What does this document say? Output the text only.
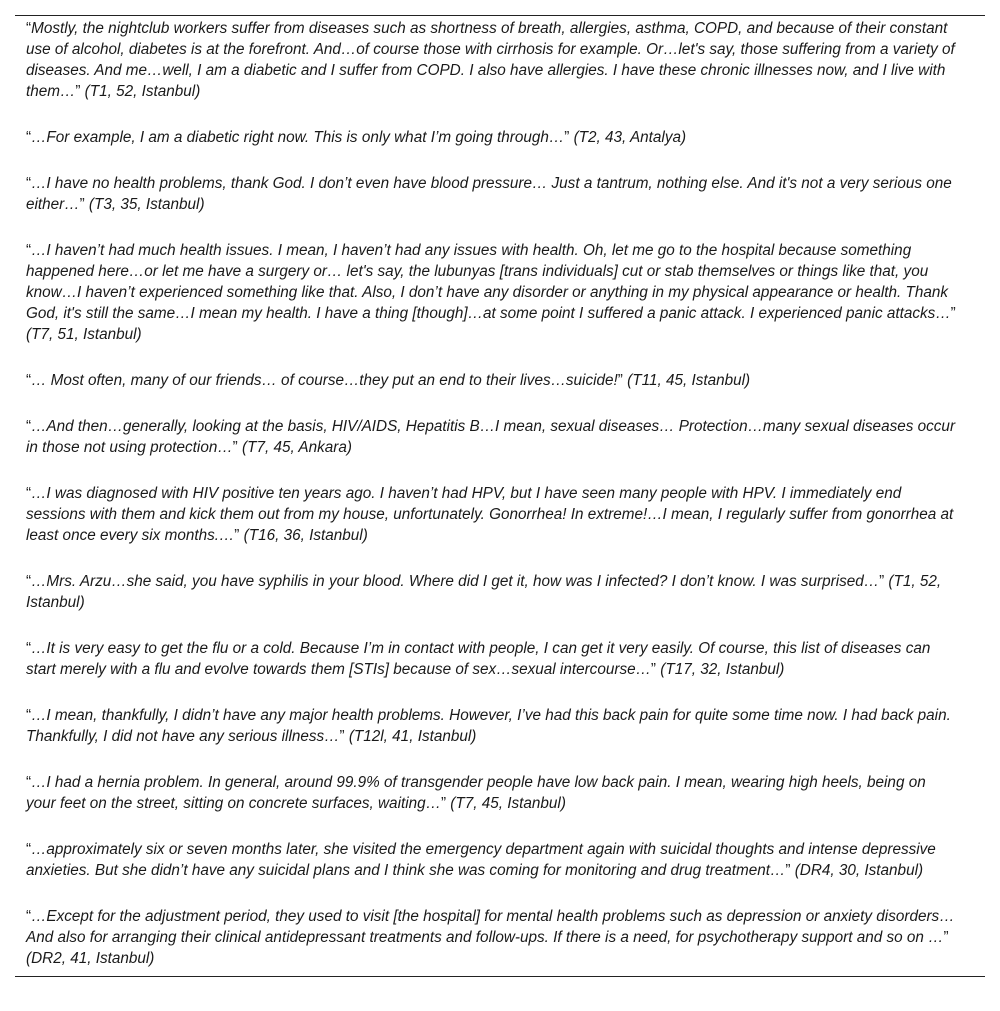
“Mostly, the nightclub workers suffer from diseases such as shortness of breath, allergies, asthma, COPD, and because of their constant use of alcohol, diabetes is at the forefront. And…of course those with cirrhosis for example. Or…let's say, those suffering from a variety of diseases. And me…well, I am a diabetic and I suffer from COPD. I also have allergies. I have these chronic illnesses now, and I live with them…” (T1, 52, Istanbul)

“…For example, I am a diabetic right now. This is only what I’m going through…” (T2, 43, Antalya)

“…I have no health problems, thank God. I don’t even have blood pressure… Just a tantrum, nothing else. And it's not a very serious one either…” (T3, 35, Istanbul)

“…I haven’t had much health issues. I mean, I haven’t had any issues with health. Oh, let me go to the hospital because something happened here…or let me have a surgery or… let's say, the lubunyas [trans individuals] cut or stab themselves or things like that, you know…I haven’t experienced something like that. Also, I don’t have any disorder or anything in my physical appearance or health. Thank God, it's still the same…I mean my health. I have a thing [though]…at some point I suffered a panic attack. I experienced panic attacks…” (T7, 51, Istanbul)

“… Most often, many of our friends… of course…they put an end to their lives…suicide!” (T11, 45, Istanbul)

“…And then…generally, looking at the basis, HIV/AIDS, Hepatitis B…I mean, sexual diseases… Protection…many sexual diseases occur in those not using protection…” (T7, 45, Ankara)

“…I was diagnosed with HIV positive ten years ago. I haven’t had HPV, but I have seen many people with HPV. I immediately end sessions with them and kick them out from my house, unfortunately. Gonorrhea! In extreme!…I mean, I regularly suffer from gonorrhea at least once every six months.…” (T16, 36, Istanbul)

“…Mrs. Arzu…she said, you have syphilis in your blood. Where did I get it, how was I infected? I don’t know. I was surprised…” (T1, 52, Istanbul)

“…It is very easy to get the flu or a cold. Because I’m in contact with people, I can get it very easily. Of course, this list of diseases can start merely with a flu and evolve towards them [STIs] because of sex…sexual intercourse…” (T17, 32, Istanbul)

“…I mean, thankfully, I didn’t have any major health problems. However, I’ve had this back pain for quite some time now. I had back pain. Thankfully, I did not have any serious illness…” (T12l, 41, Istanbul)

“…I had a hernia problem. In general, around 99.9% of transgender people have low back pain. I mean, wearing high heels, being on your feet on the street, sitting on concrete surfaces, waiting…” (T7, 45, Istanbul)

“…approximately six or seven months later, she visited the emergency department again with suicidal thoughts and intense depressive anxieties. But she didn’t have any suicidal plans and I think she was coming for monitoring and drug treatment…” (DR4, 30, Istanbul)

“…Except for the adjustment period, they used to visit [the hospital] for mental health problems such as depression or anxiety disorders…And also for arranging their clinical antidepressant treatments and follow-ups. If there is a need, for psychotherapy support and so on …” (DR2, 41, Istanbul)
